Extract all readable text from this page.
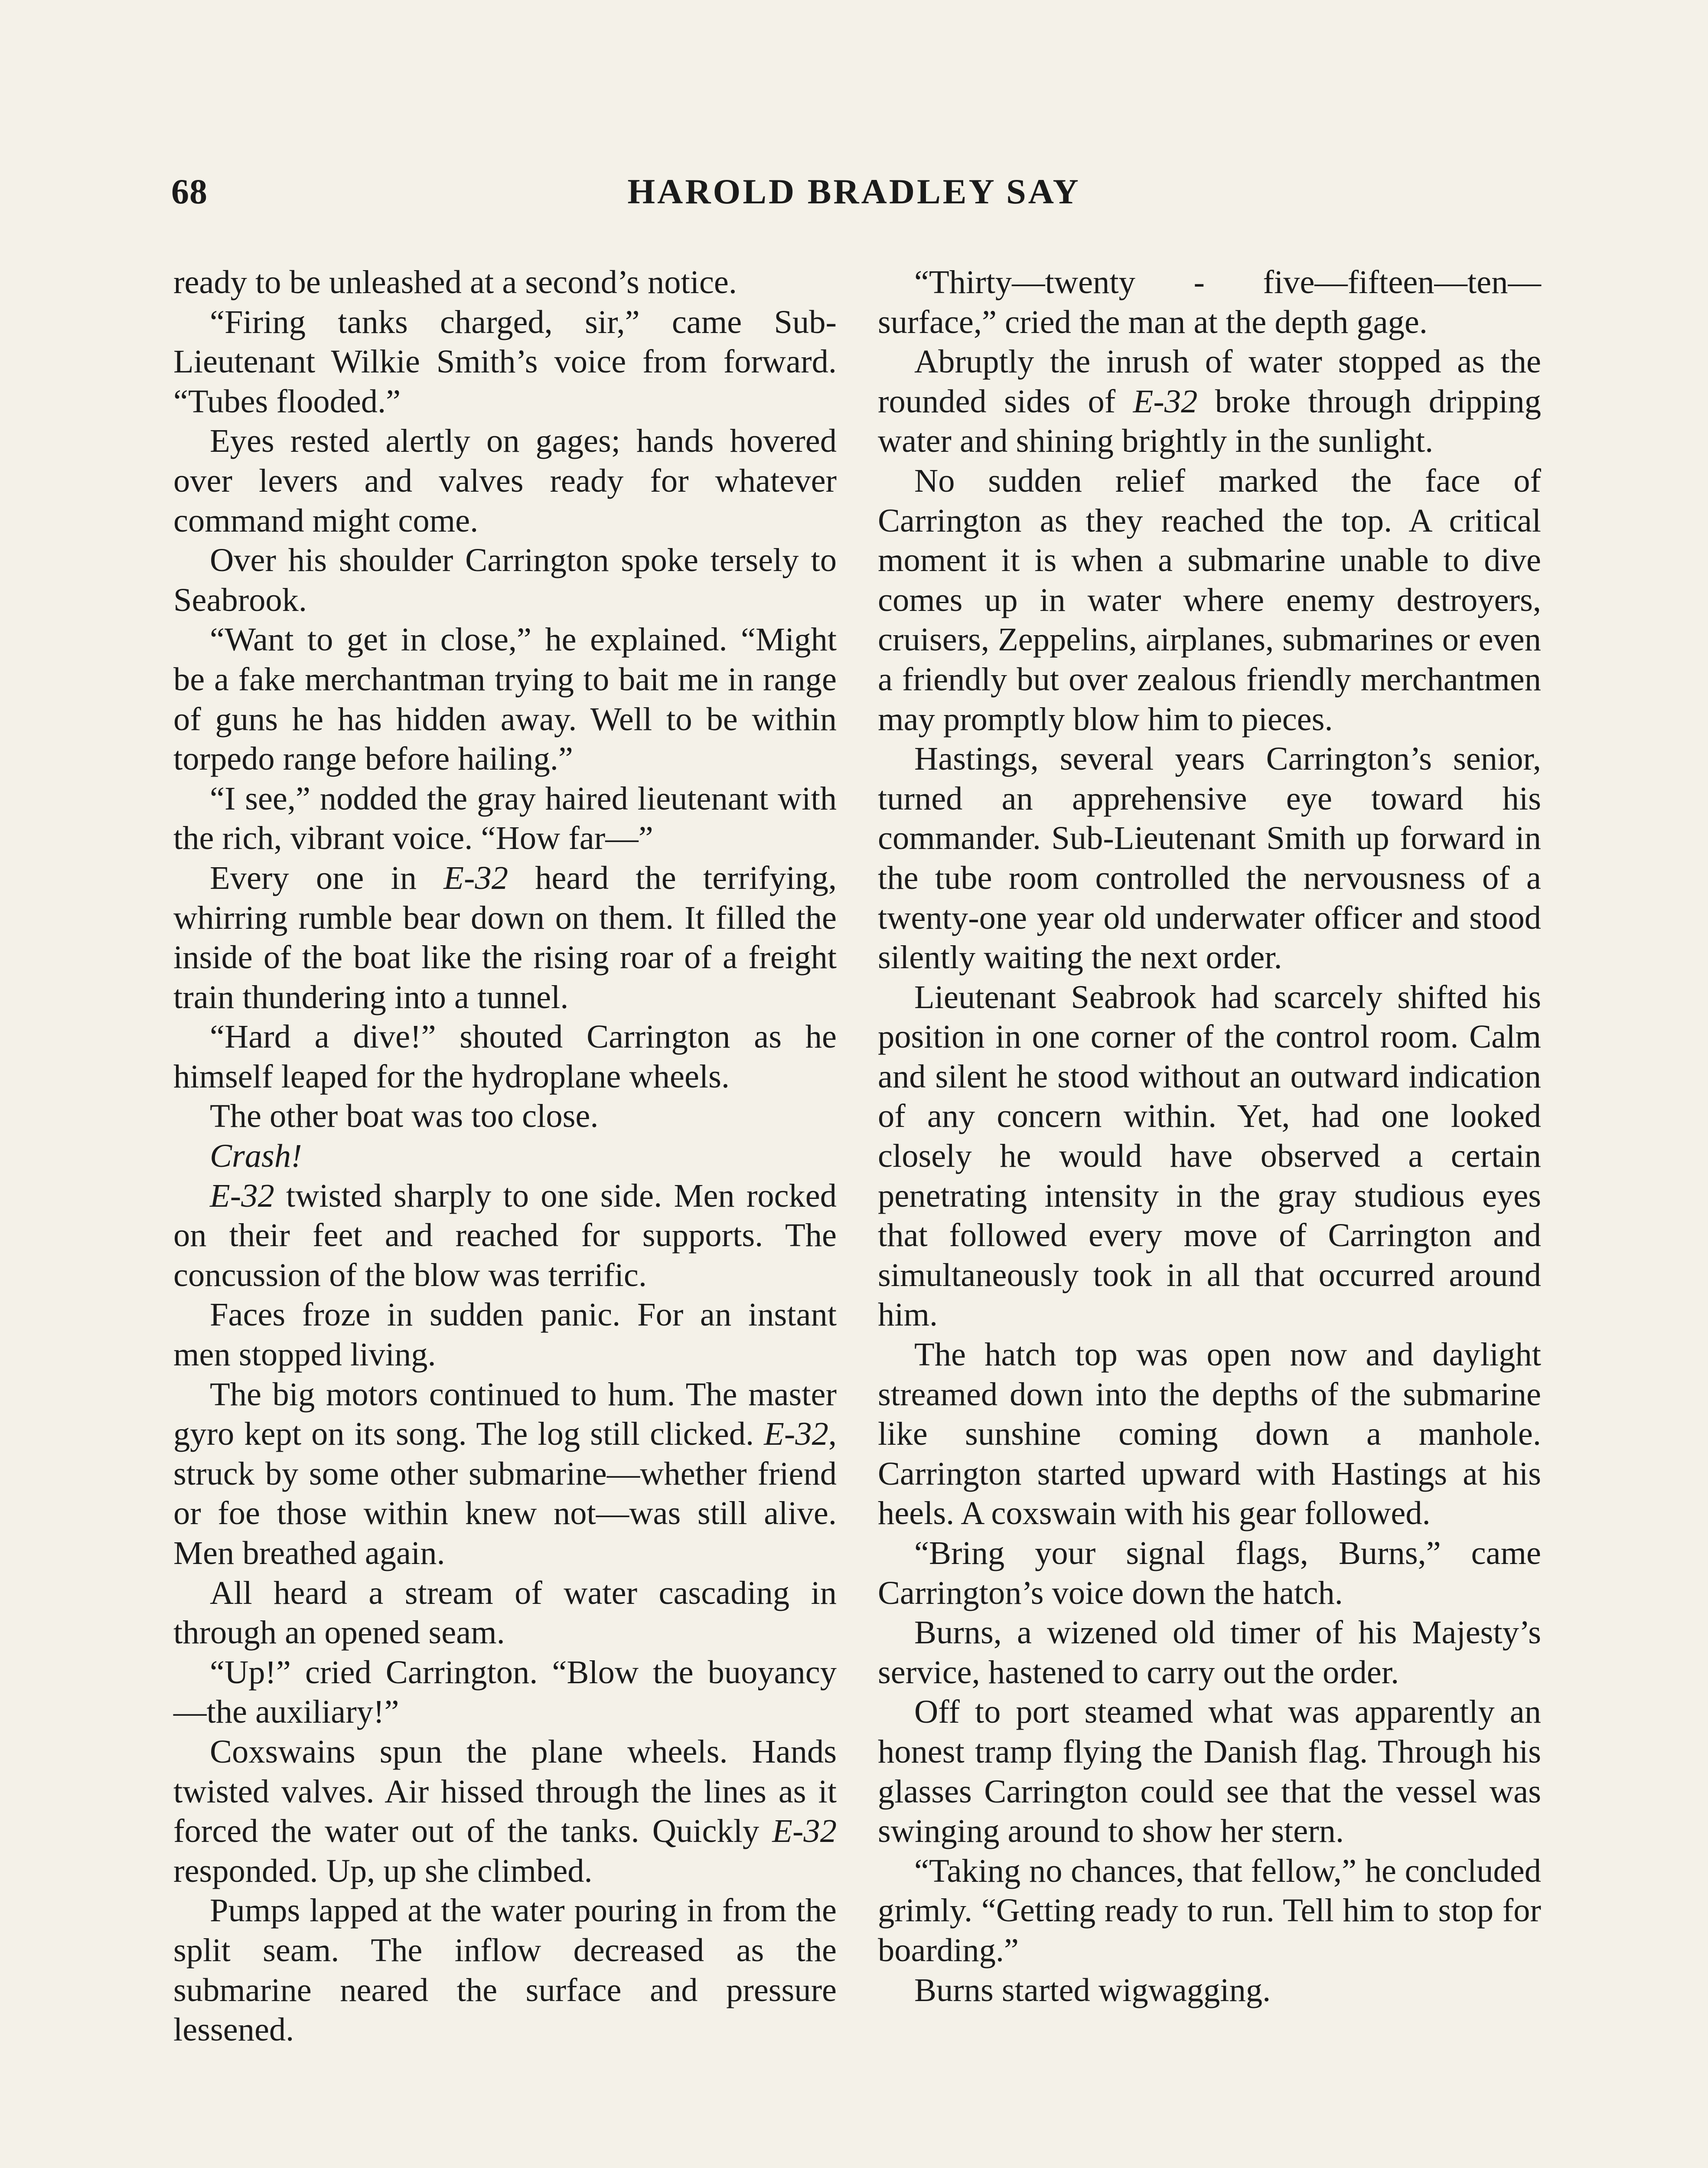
68	HAROLD BRADLEY SAY

ready to be unleashed at a second’s notice.

“Firing tanks charged, sir,” came Sub-Lieutenant Wilkie Smith’s voice from forward. “Tubes flooded.”

Eyes rested alertly on gages; hands hovered over levers and valves ready for whatever command might come.

Over his shoulder Carrington spoke tersely to Seabrook.

“Want to get in close,” he explained. “Might be a fake merchantman trying to bait me in range of guns he has hidden away. Well to be within torpedo range before hailing.”

“I see,” nodded the gray haired lieutenant with the rich, vibrant voice. “How far—”

Every one in E-32 heard the terrifying, whirring rumble bear down on them. It filled the inside of the boat like the rising roar of a freight train thundering into a tunnel.

“Hard a dive!” shouted Carrington as he himself leaped for the hydroplane wheels.

The other boat was too close.

Crash!

E-32 twisted sharply to one side. Men rocked on their feet and reached for supports. The concussion of the blow was terrific.

Faces froze in sudden panic. For an instant men stopped living.

The big motors continued to hum. The master gyro kept on its song. The log still clicked. E-32, struck by some other submarine—whether friend or foe those within knew not—was still alive. Men breathed again.

All heard a stream of water cascading in through an opened seam.

“Up!” cried Carrington. “Blow the buoyancy—the auxiliary!”

Coxswains spun the plane wheels. Hands twisted valves. Air hissed through the lines as it forced the water out of the tanks. Quickly E-32 responded. Up, up she climbed.

Pumps lapped at the water pouring in from the split seam. The inflow decreased as the submarine neared the surface and pressure lessened.

“Thirty—twenty - five—fifteen—ten—surface,” cried the man at the depth gage.

Abruptly the inrush of water stopped as the rounded sides of E-32 broke through dripping water and shining brightly in the sunlight.

No sudden relief marked the face of Carrington as they reached the top. A critical moment it is when a submarine unable to dive comes up in water where enemy destroyers, cruisers, Zeppelins, airplanes, submarines or even a friendly but over zealous friendly merchantmen may promptly blow him to pieces.

Hastings, several years Carrington’s senior, turned an apprehensive eye toward his commander. Sub-Lieutenant Smith up forward in the tube room controlled the nervousness of a twenty-one year old underwater officer and stood silently waiting the next order.

Lieutenant Seabrook had scarcely shifted his position in one corner of the control room. Calm and silent he stood without an outward indication of any concern within. Yet, had one looked closely he would have observed a certain penetrating intensity in the gray studious eyes that followed every move of Carrington and simultaneously took in all that occurred around him.

The hatch top was open now and daylight streamed down into the depths of the submarine like sunshine coming down a manhole. Carrington started upward with Hastings at his heels. A coxswain with his gear followed.

“Bring your signal flags, Burns,” came Carrington’s voice down the hatch.

Burns, a wizened old timer of his Majesty’s service, hastened to carry out the order.

Off to port steamed what was apparently an honest tramp flying the Danish flag. Through his glasses Carrington could see that the vessel was swinging around to show her stern.

“Taking no chances, that fellow,” he concluded grimly. “Getting ready to run. Tell him to stop for boarding.”

Burns started wigwagging.
